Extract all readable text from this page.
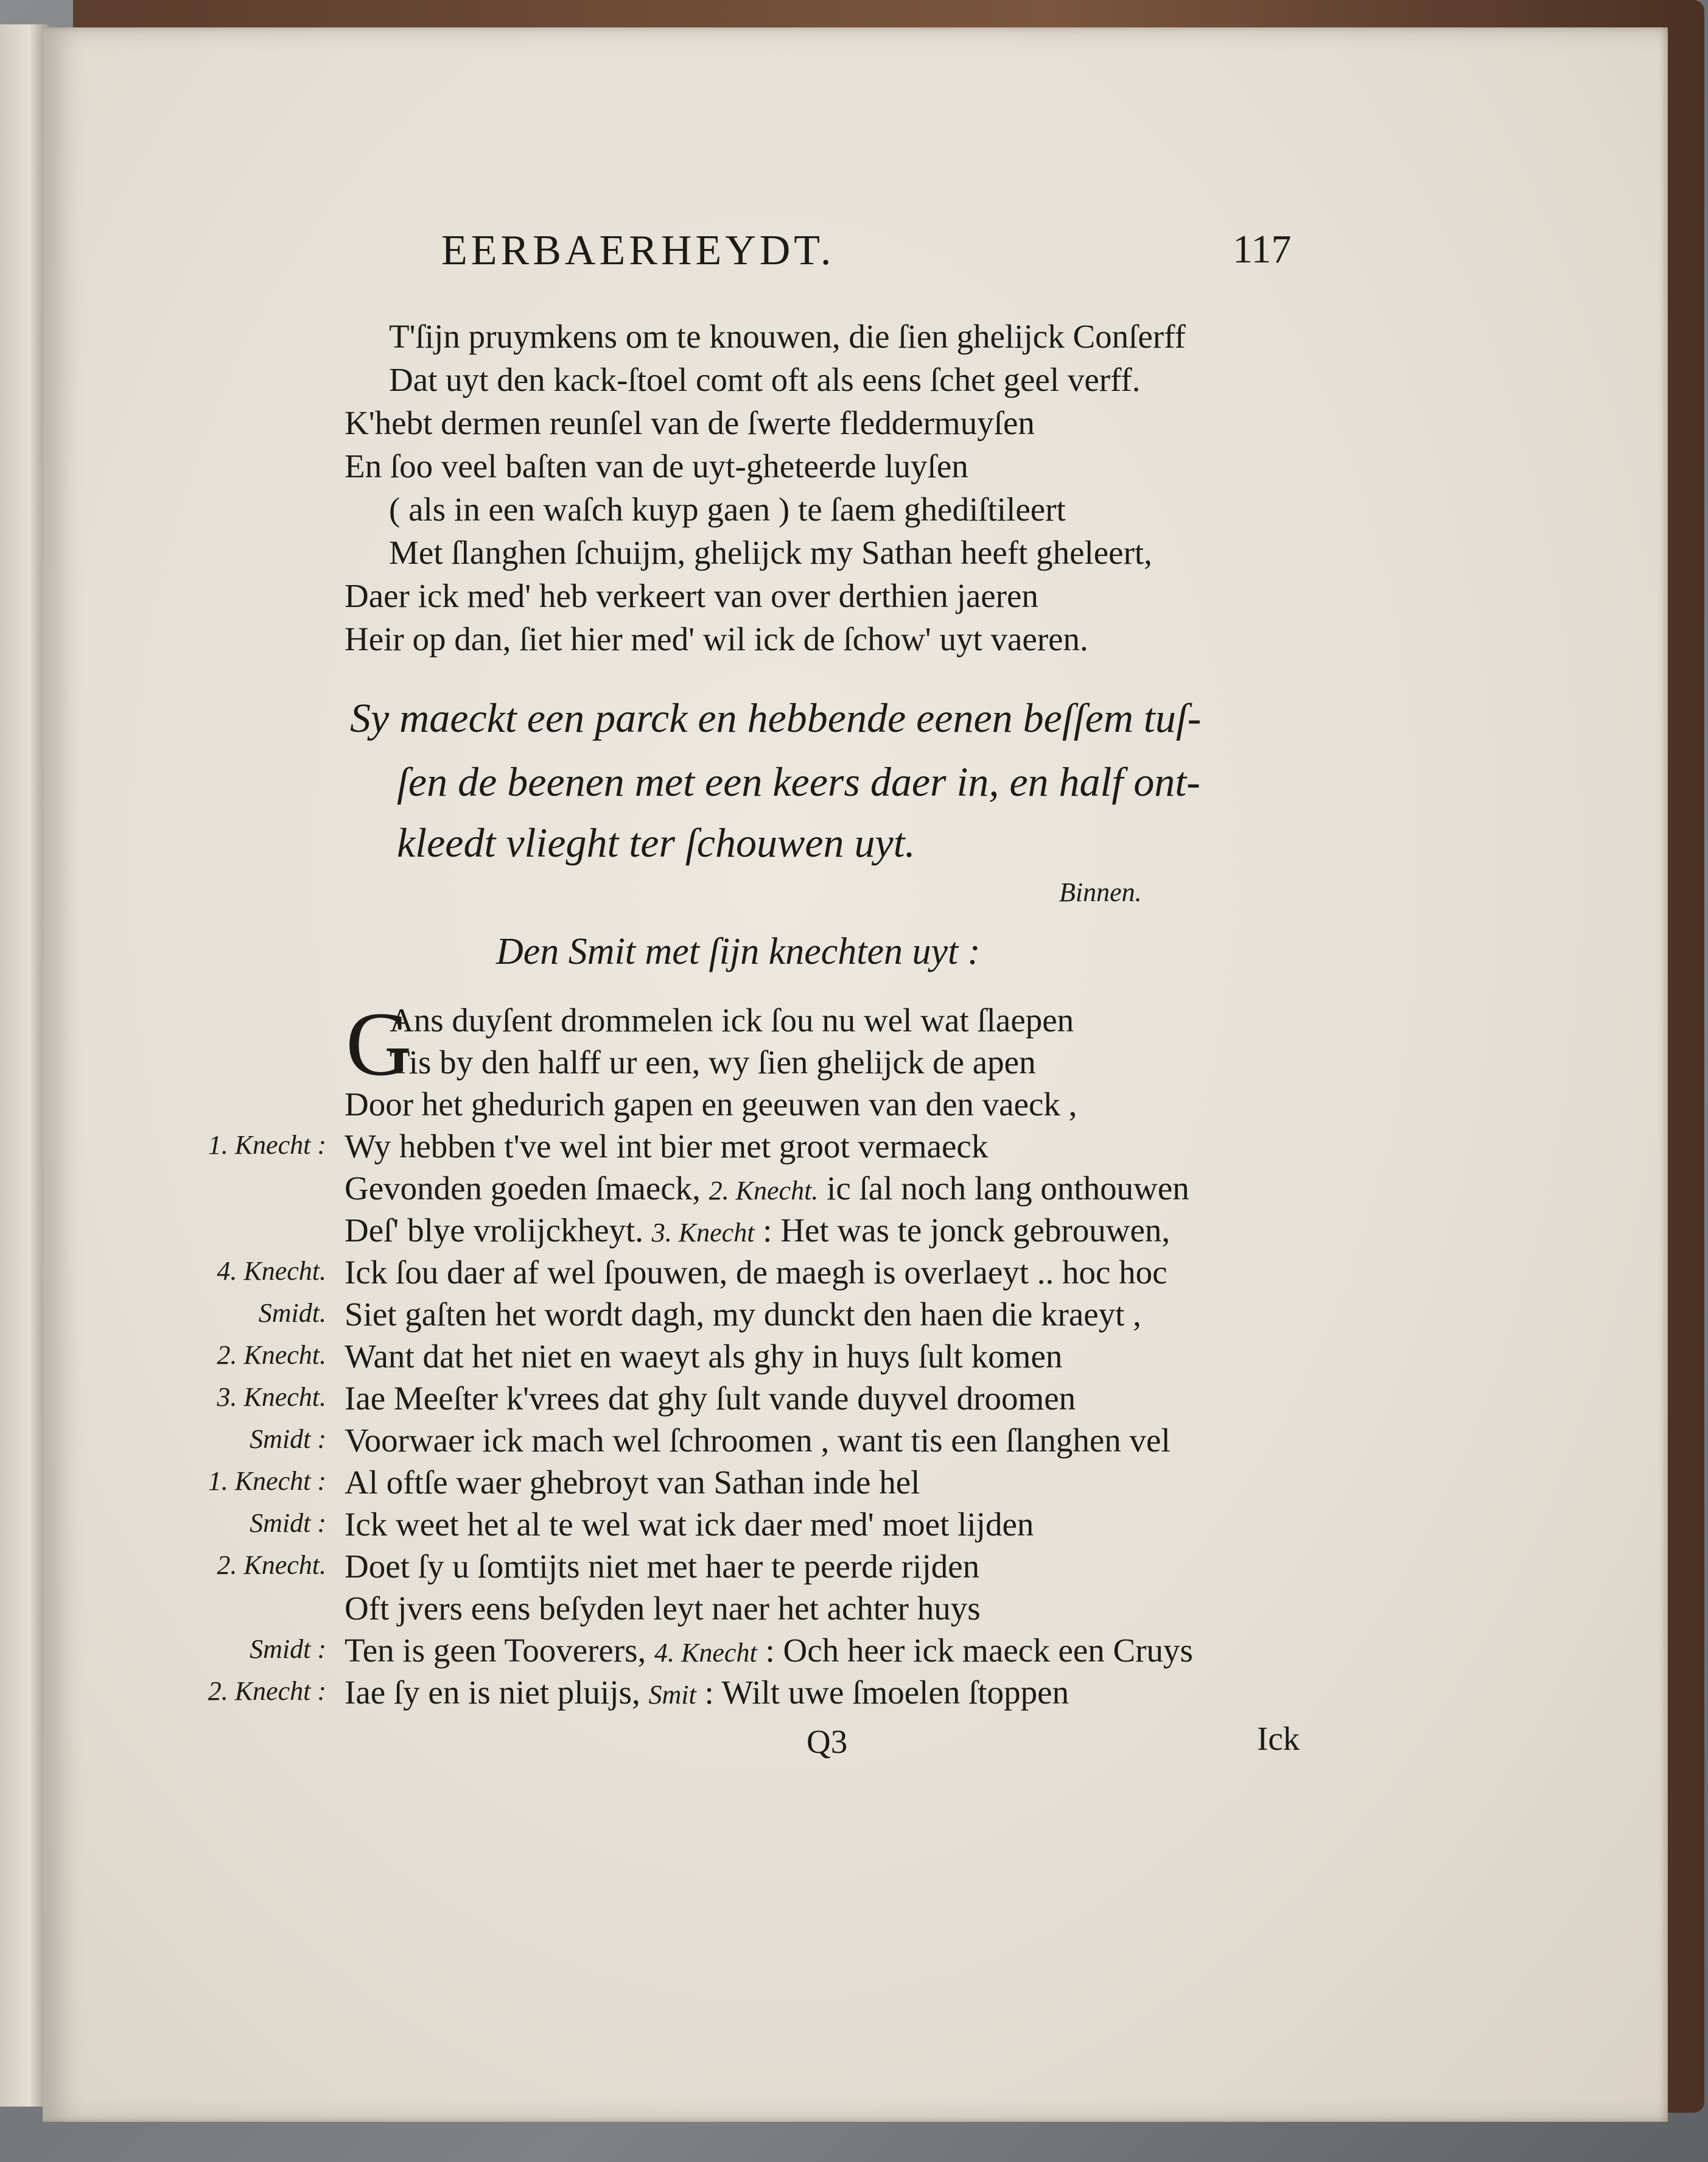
EERBAERHEYDT.	117
T'ſijn pruymkens om te knouwen, die ſien ghelijck Conſerff
Dat uyt den kack-ſtoel comt oft als eens ſchet geel verff.
K'hebt dermen reunſel van de ſwerte fleddermuyſen
En ſoo veel baſten van de uyt-gheteerde luyſen
( als in een waſch kuyp gaen ) te ſaem ghediſtileert
Met ſlanghen ſchuijm, ghelijck my Sathan heeft gheleert,
Daer ick med' heb verkeert van over derthien jaeren
Heir op dan, ſiet hier med' wil ick de ſchow' uyt vaeren.
Sy maeckt een parck en hebbende eenen beſſem tuſ-
ſen de beenen met een keers daer in, en half ont-
kleedt vlieght ter ſchouwen uyt.
Binnen.
Den Smit met ſijn knechten uyt :
G
Ans duyſent drommelen ick ſou nu wel wat ſlaepen
Tis by den halff ur een, wy ſien ghelijck de apen
Door het ghedurich gapen en geeuwen van den vaeck ,
1. Knecht : Wy hebben t've wel int bier met groot vermaeck
Gevonden goeden ſmaeck, 2. Knecht. ic ſal noch lang onthouwen
Deſ' blye vrolijckheyt. 3. Knecht : Het was te jonck gebrouwen,
4. Knecht. Ick ſou daer af wel ſpouwen, de maegh is overlaeyt .. hoc hoc
Smidt. Siet gaſten het wordt dagh, my dunckt den haen die kraeyt ,
2. Knecht. Want dat het niet en waeyt als ghy in huys ſult komen
3. Knecht. Iae Meeſter k'vrees dat ghy ſult vande duyvel droomen
Smidt : Voorwaer ick mach wel ſchroomen , want tis een ſlanghen vel
1. Knecht : Al oftſe waer ghebroyt van Sathan inde hel
Smidt : Ick weet het al te wel wat ick daer med' moet lijden
2. Knecht. Doet ſy u ſomtijts niet met haer te peerde rijden
Oft jvers eens beſyden leyt naer het achter huys
Smidt : Ten is geen Tooverers, 4. Knecht : Och heer ick maeck een Cruys
2. Knecht : Iae ſy en is niet pluijs, Smit : Wilt uwe ſmoelen ſtoppen
Q3	Ick
